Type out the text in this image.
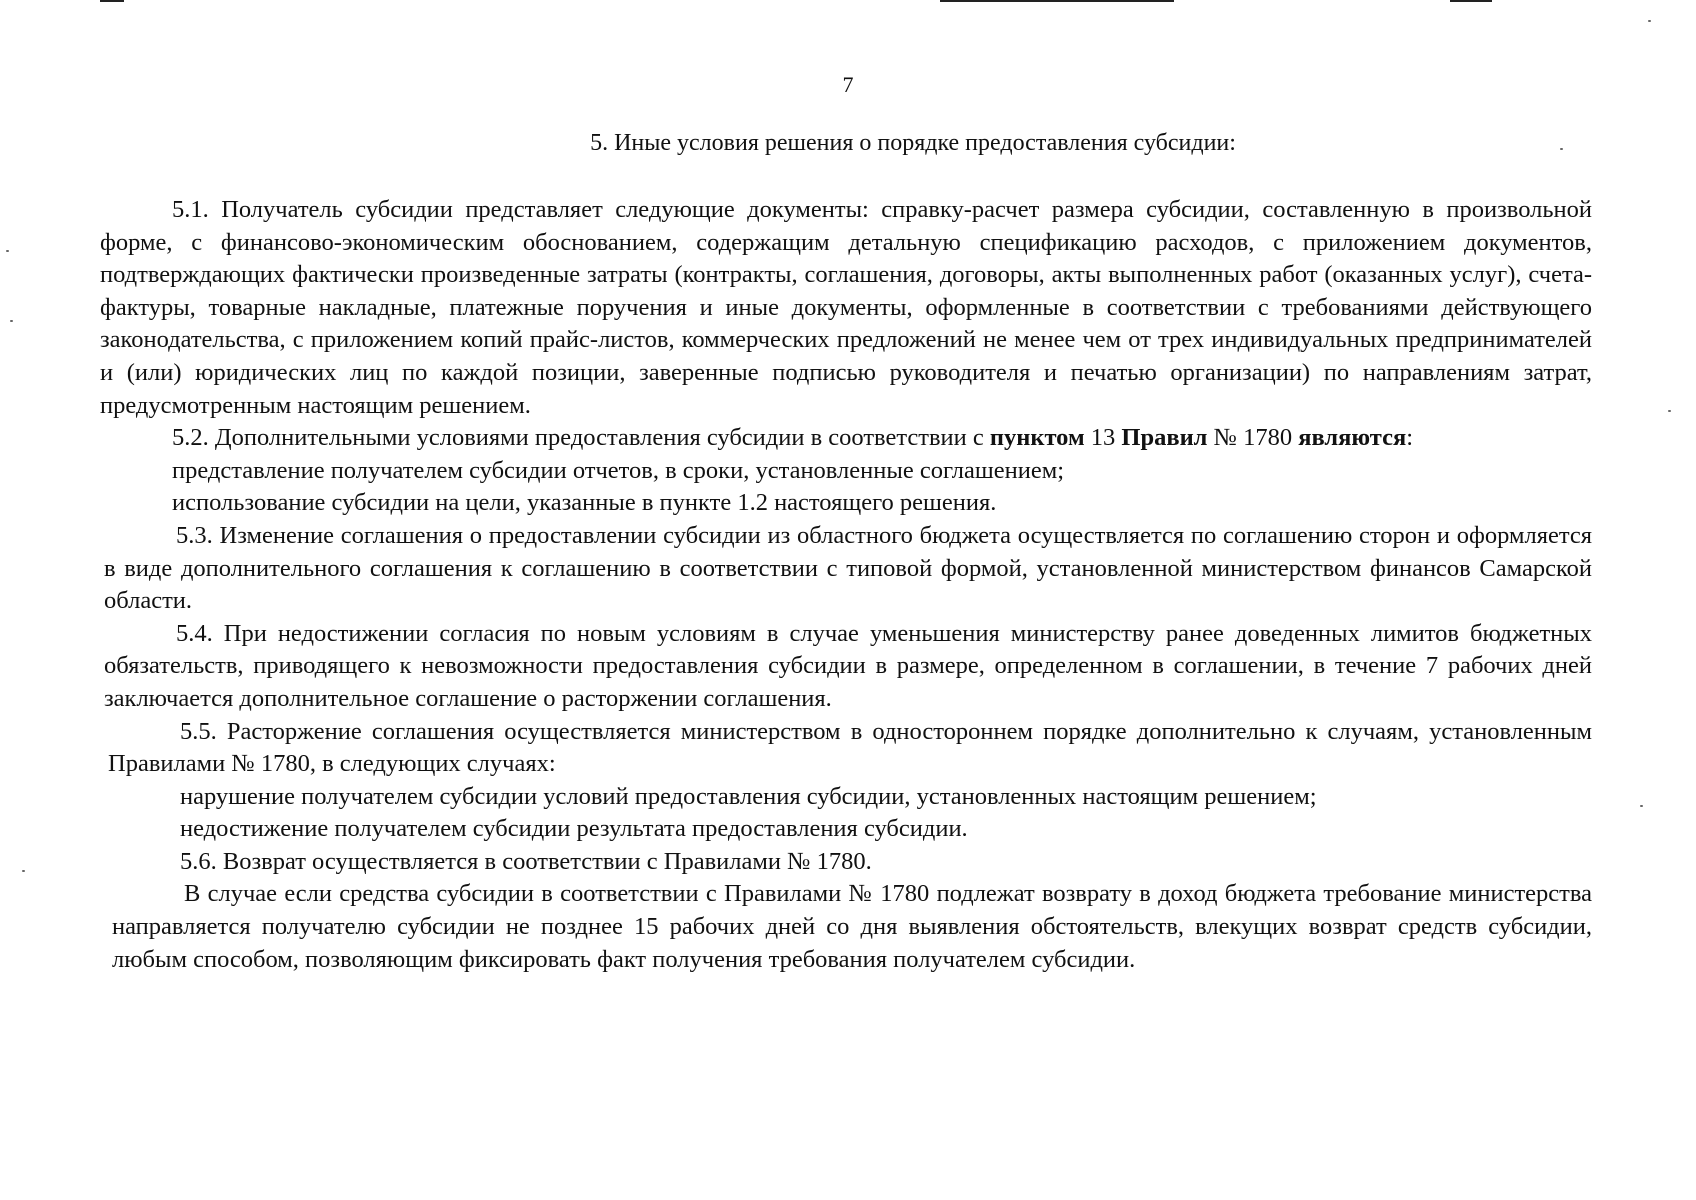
7
5. Иные условия решения о порядке предоставления субсидии:

5.1. Получатель субсидии представляет следующие документы: справку-расчет размера субсидии, составленную в произвольной форме, с финансово-экономическим обоснованием, содержащим детальную спецификацию расходов, с приложением документов, подтверждающих фактически произведенные затраты (контракты, соглашения, договоры, акты выполненных работ (оказанных услуг), счета-фактуры, товарные накладные, платежные поручения и иные документы, оформленные в соответствии с требованиями действующего законодательства, с приложением копий прайс-листов, коммерческих предложений не менее чем от трех индивидуальных предпринимателей и (или) юридических лиц по каждой позиции, заверенные подписью руководителя и печатью организации) по направлениям затрат, предусмотренным настоящим решением.

5.2. Дополнительными условиями предоставления субсидии в соответствии с пунктом 13 Правил № 1780 являются:

представление получателем субсидии отчетов, в сроки, установленные соглашением;

использование субсидии на цели, указанные в пункте 1.2 настоящего решения.

5.3. Изменение соглашения о предоставлении субсидии из областного бюджета осуществляется по соглашению сторон и оформляется в виде дополнительного соглашения к соглашению в соответствии с типовой формой, установленной министерством финансов Самарской области.

5.4. При недостижении согласия по новым условиям в случае уменьшения министерству ранее доведенных лимитов бюджетных обязательств, приводящего к невозможности предоставления субсидии в размере, определенном в соглашении, в течение 7 рабочих дней заключается дополнительное соглашение о расторжении соглашения.

5.5. Расторжение соглашения осуществляется министерством в одностороннем порядке дополнительно к случаям, установленным Правилами № 1780, в следующих случаях:

нарушение получателем субсидии условий предоставления субсидии, установленных настоящим решением;

недостижение получателем субсидии результата предоставления субсидии.

5.6. Возврат осуществляется в соответствии с Правилами № 1780.

В случае если средства субсидии в соответствии с Правилами № 1780 подлежат возврату в доход бюджета требование министерства направляется получателю субсидии не позднее 15 рабочих дней со дня выявления обстоятельств, влекущих возврат средств субсидии, любым способом, позволяющим фиксировать факт получения требования получателем субсидии.
